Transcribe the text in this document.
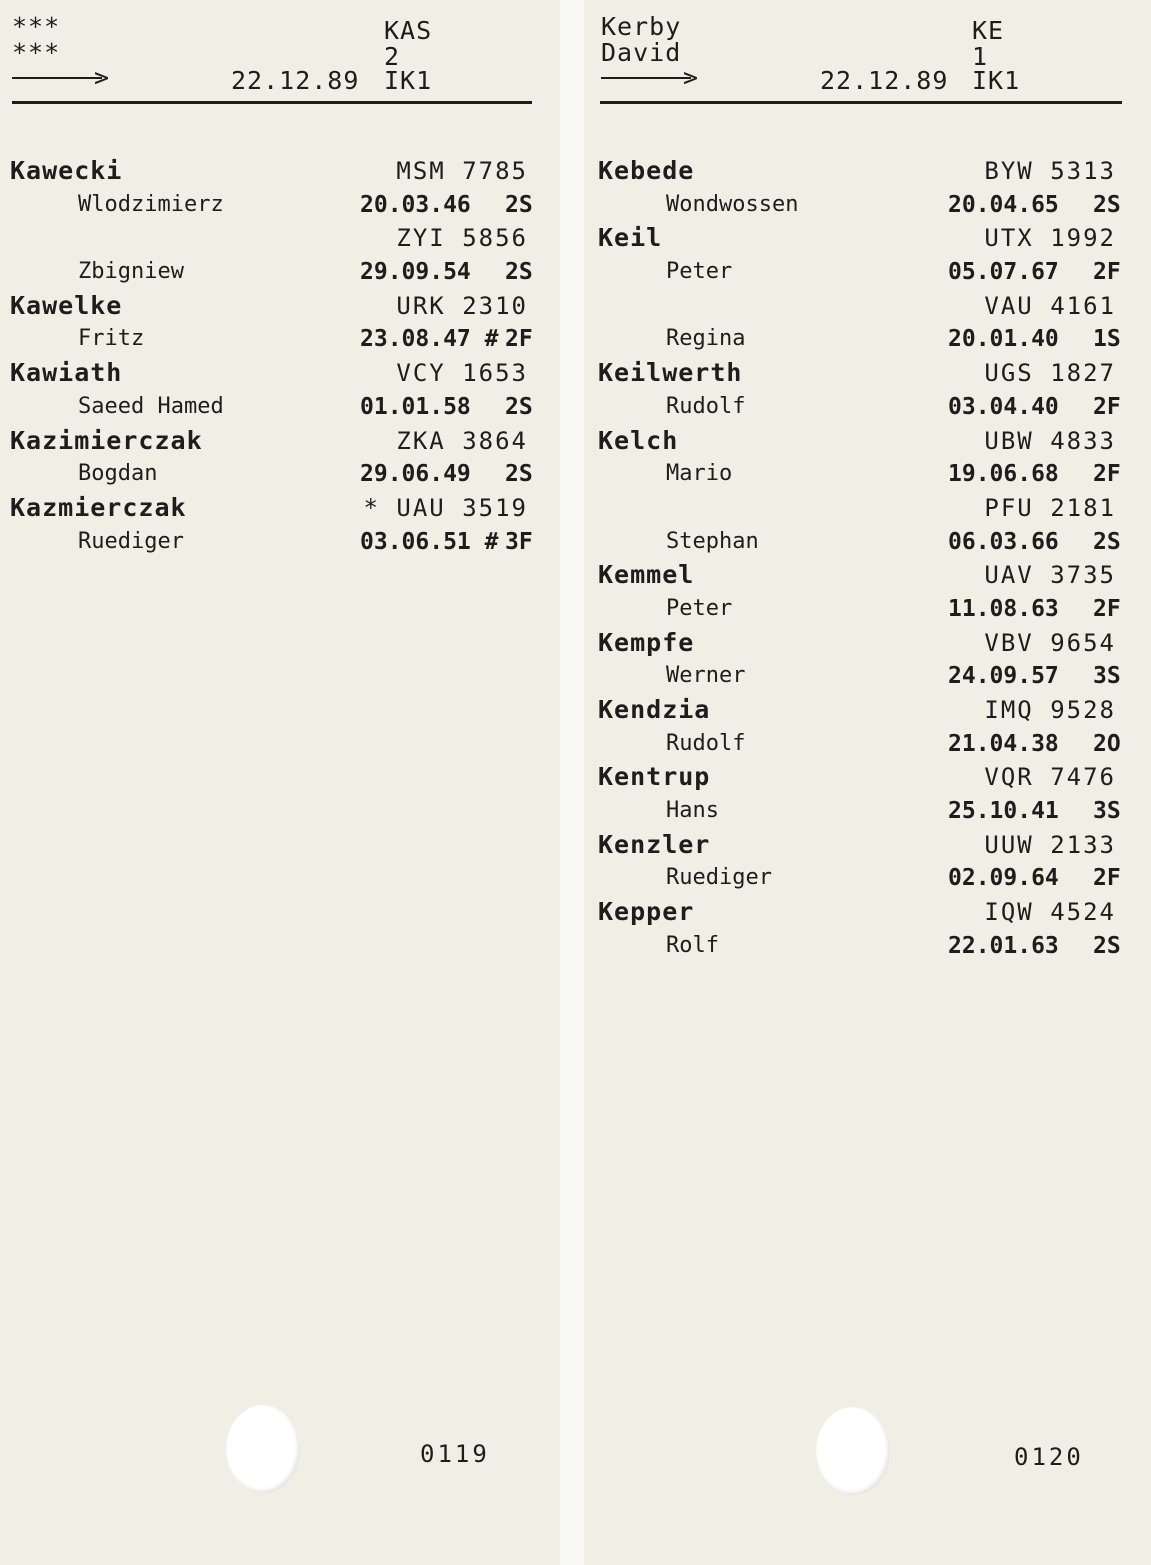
***
***
>
KAS
2
22.12.89 IK1
Kawecki	MSM 7785
Wlodzimierz	20.03.46 2S
ZYI 5856
Zbigniew	29.09.54 2S
Kawelke	URK 2310
Fritz	23.08.47 # 2F
Kawiath	VCY 1653
Saeed Hamed	01.01.58 2S
Kazimierczak	ZKA 3864
Bogdan	29.06.49 2S
Kazmierczak	* UAU 3519
Ruediger	03.06.51 # 3F
0119
Kerby
David
>
KE
1
22.12.89 IK1
Kebede	BYW 5313
Wondwossen	20.04.65 2S
Keil	UTX 1992
Peter	05.07.67 2F
VAU 4161
Regina	20.01.40 1S
Keilwerth	UGS 1827
Rudolf	03.04.40 2F
Kelch	UBW 4833
Mario	19.06.68 2F
PFU 2181
Stephan	06.03.66 2S
Kemmel	UAV 3735
Peter	11.08.63 2F
Kempfe	VBV 9654
Werner	24.09.57 3S
Kendzia	IMQ 9528
Rudolf	21.04.38 2O
Kentrup	VQR 7476
Hans	25.10.41 3S
Kenzler	UUW 2133
Ruediger	02.09.64 2F
Kepper	IQW 4524
Rolf	22.01.63 2S
0120
